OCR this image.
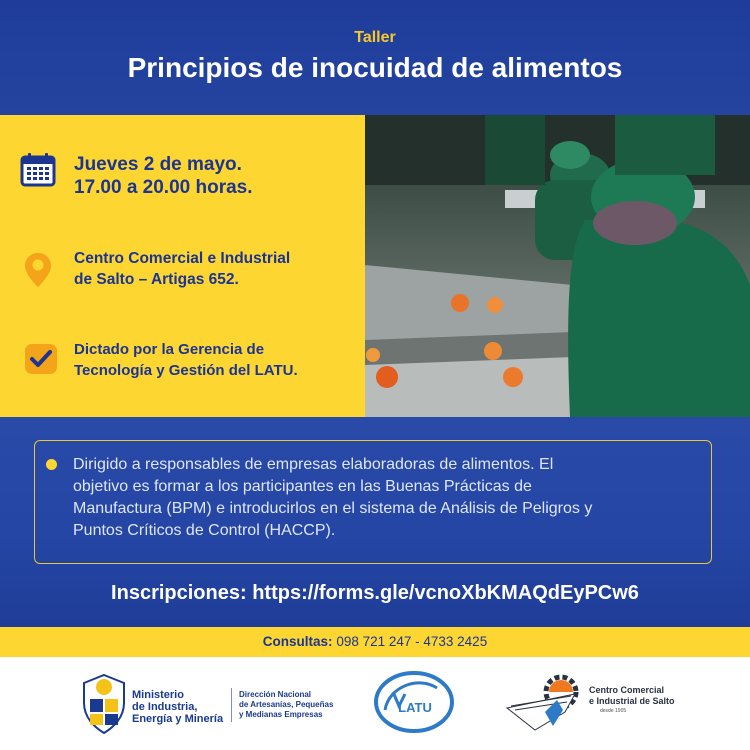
Taller
Principios de inocuidad de alimentos
Jueves 2 de mayo.
17.00 a 20.00 horas.
Centro Comercial e Industrial
de Salto – Artigas 652.
Dictado por la Gerencia de
Tecnología y Gestión del LATU.
Dirigido a responsables de empresas elaboradoras de alimentos. El
objetivo es formar a los participantes en las Buenas Prácticas de
Manufactura (BPM) e introducirlos en el sistema de Análisis de Peligros y
Puntos Críticos de Control (HACCP).
Inscripciones: https://forms.gle/vcnoXbKMAQdEyPCw6
Consultas: 098 721 247 - 4733 2425
Ministerio
de Industria,
Energía y Minería
Dirección Nacional
de Artesanías, Pequeñas
y Medianas Empresas	LATU
Centro Comercial
e Industrial de Salto
desde 1905
